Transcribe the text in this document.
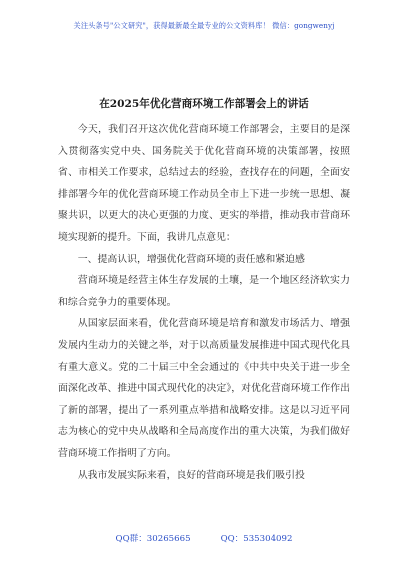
关注头条号"公文研究"，获得最新最全最专业的公文资料库！ 微信：gongwenyj
在2025年优化营商环境工作部署会上的讲话

今天，我们召开这次优化营商环境工作部署会，主要目的是深入贯彻落实党中央、国务院关于优化营商环境的决策部署，按照省、市相关工作要求，总结过去的经验，查找存在的问题，全面安排部署今年的优化营商环境工作动员全市上下进一步统一思想、凝聚共识，以更大的决心更强的力度、更实的举措，推动我市营商环境实现新的提升。下面，我讲几点意见：

一、提高认识，增强优化营商环境的责任感和紧迫感

营商环境是经营主体生存发展的土壤，是一个地区经济软实力和综合竞争力的重要体现。

从国家层面来看，优化营商环境是培育和激发市场活力、增强发展内生动力的关键之举，对于以高质量发展推进中国式现代化具有重大意义。党的二十届三中全会通过的《中共中央关于进一步全面深化改革、推进中国式现代化的决定》，对优化营商环境工作作出了新的部署，提出了一系列重点举措和战略安排。这是以习近平同志为核心的党中央从战略和全局高度作出的重大决策，为我们做好营商环境工作指明了方向。

从我市发展实际来看，良好的营商环境是我们吸引投

QQ群：30265665	QQ：535304092
